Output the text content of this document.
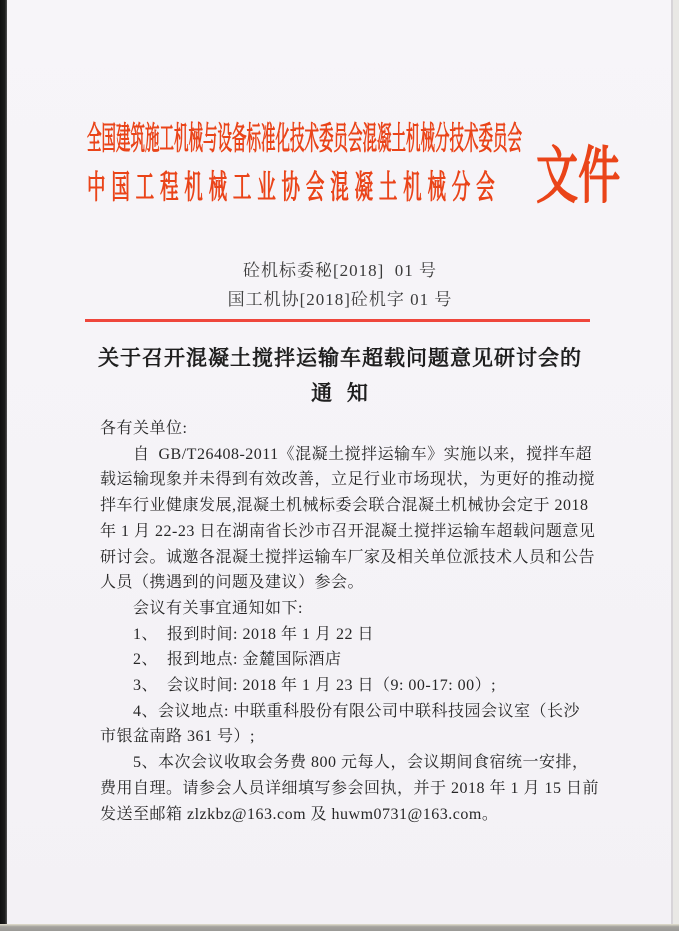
全国建筑施工机械与设备标准化技术委员会混凝土机械分技术委员会
中国工程机械工业协会混凝土机械分会 文件
砼机标委秘[2018]  01 号
国工机协[2018]砼机字 01 号
关于召开混凝土搅拌运输车超载问题意见研讨会的
通  知
各有关单位:
自  GB/T26408-2011《混凝土搅拌运输车》实施以来，搅拌车超
载运输现象并未得到有效改善，立足行业市场现状，为更好的推动搅
拌车行业健康发展,混凝土机械标委会联合混凝土机械协会定于 2018
年 1 月 22-23 日在湖南省长沙市召开混凝土搅拌运输车超载问题意见
研讨会。诚邀各混凝土搅拌运输车厂家及相关单位派技术人员和公告
人员（携遇到的问题及建议）参会。
会议有关事宜通知如下:
1、  报到时间: 2018 年 1 月 22 日
2、  报到地点: 金麓国际酒店
3、  会议时间: 2018 年 1 月 23 日（9: 00-17: 00）;
4、会议地点: 中联重科股份有限公司中联科技园会议室（长沙
市银盆南路 361 号）;
5、本次会议收取会务费 800 元每人，会议期间食宿统一安排，
费用自理。请参会人员详细填写参会回执，并于 2018 年 1 月 15 日前
发送至邮箱 zlzkbz@163.com 及 huwm0731@163.com。
